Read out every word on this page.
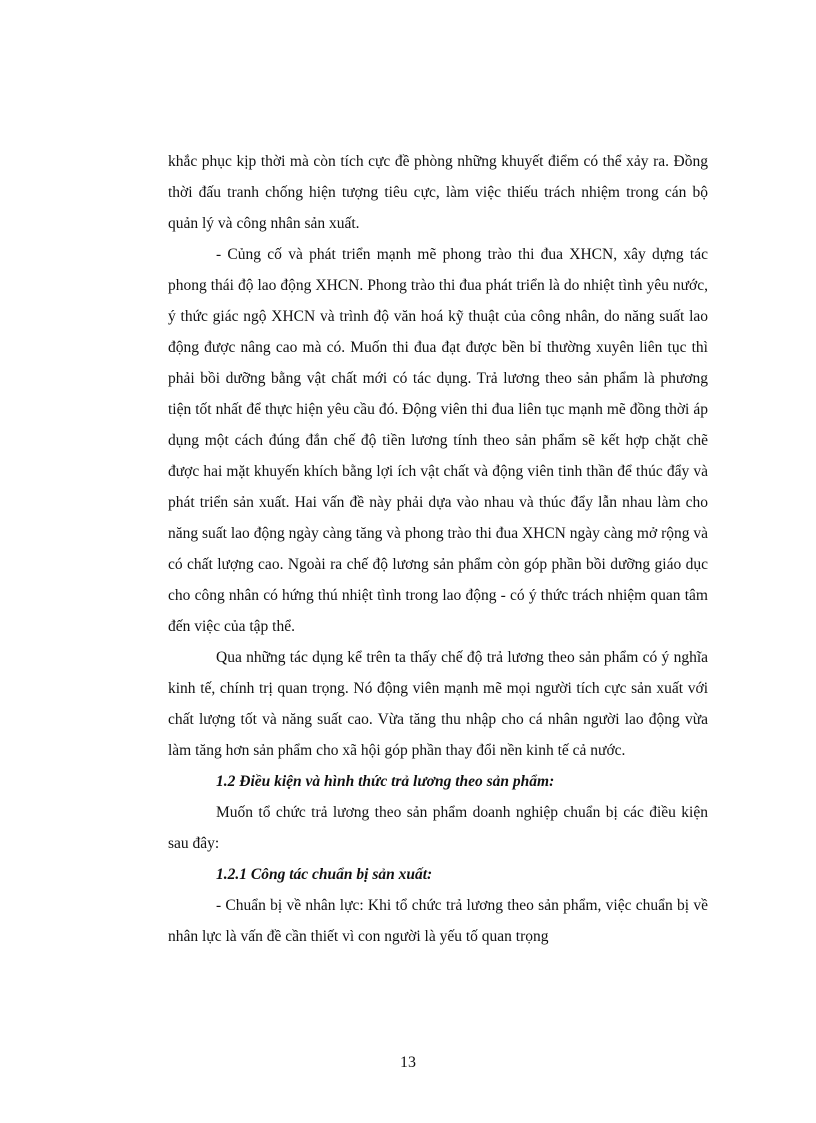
khắc phục kịp thời mà còn tích cực đề phòng những khuyết điểm có thể xảy ra. Đồng thời đấu tranh chống hiện tượng tiêu cực, làm việc thiếu trách nhiệm trong cán bộ quản lý và công nhân sản xuất.

- Củng cố và phát triển mạnh mẽ phong trào thi đua XHCN, xây dựng tác phong thái độ lao động XHCN. Phong trào thi đua phát triển là do nhiệt tình yêu nước, ý thức giác ngộ XHCN và trình độ văn hoá kỹ thuật của công nhân, do năng suất lao động được nâng cao mà có. Muốn thi đua đạt được bền bỉ thường xuyên liên tục thì phải bồi dưỡng bằng vật chất mới có tác dụng. Trả lương theo sản phẩm là phương tiện tốt nhất để thực hiện yêu cầu đó. Động viên thi đua liên tục mạnh mẽ đồng thời áp dụng một cách đúng đắn chế độ tiền lương tính theo sản phẩm sẽ kết hợp chặt chẽ được hai mặt khuyến khích bằng lợi ích vật chất và động viên tinh thần để thúc đẩy và phát triển sản xuất. Hai vấn đề này phải dựa vào nhau và thúc đẩy lẫn nhau làm cho năng suất lao động ngày càng tăng và phong trào thi đua XHCN ngày càng mở rộng và có chất lượng cao. Ngoài ra chế độ lương sản phẩm còn góp phần bồi dưỡng giáo dục cho công nhân có hứng thú nhiệt tình trong lao động - có ý thức trách nhiệm quan tâm đến việc của tập thể.

Qua những tác dụng kể trên ta thấy chế độ trả lương theo sản phẩm có ý nghĩa kinh tế, chính trị quan trọng. Nó động viên mạnh mẽ mọi người tích cực sản xuất với chất lượng tốt và năng suất cao. Vừa tăng thu nhập cho cá nhân người lao động vừa làm tăng hơn sản phẩm cho xã hội góp phần thay đổi nền kinh tế cả nước.

1.2 Điều kiện và hình thức trả lương theo sản phẩm:

Muốn tổ chức trả lương theo sản phẩm doanh nghiệp chuẩn bị các điều kiện sau đây:

1.2.1 Công tác chuẩn bị sản xuất:

- Chuẩn bị về nhân lực: Khi tổ chức trả lương theo sản phẩm, việc chuẩn bị về nhân lực là vấn đề cần thiết vì con người là yếu tố quan trọng

13
